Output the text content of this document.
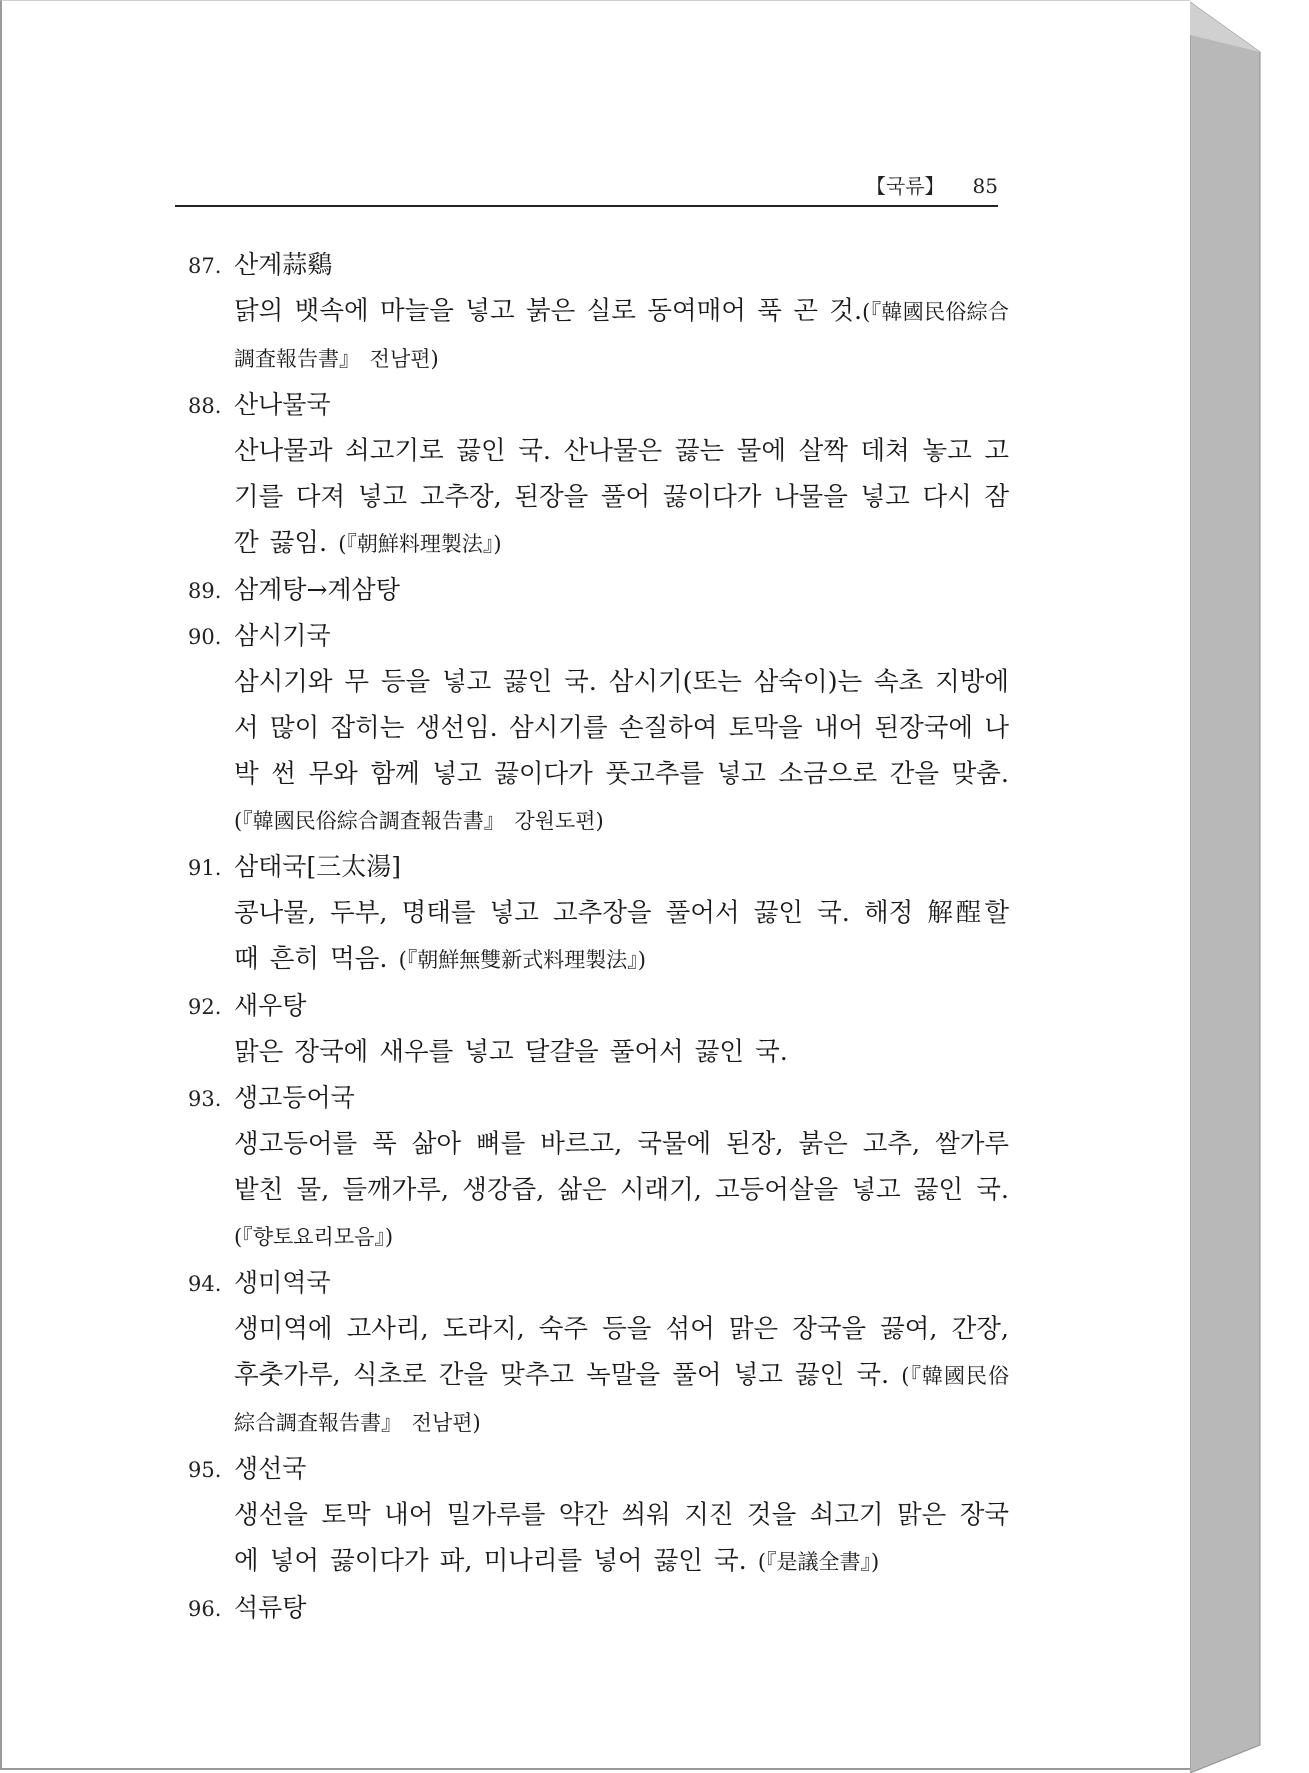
【국류】 85
87. 산계蒜鷄
닭의 뱃속에 마늘을 넣고 붉은 실로 동여매어 푹 곤 것.(『韓國民俗綜合調査報告書』 전남편)
88. 산나물국
산나물과 쇠고기로 끓인 국. 산나물은 끓는 물에 살짝 데쳐 놓고 고기를 다져 넣고 고추장, 된장을 풀어 끓이다가 나물을 넣고 다시 잠깐 끓임. (『朝鮮料理製法』)
89. 삼계탕→계삼탕
90. 삼시기국
삼시기와 무 등을 넣고 끓인 국. 삼시기(또는 삼숙이)는 속초 지방에서 많이 잡히는 생선임. 삼시기를 손질하여 토막을 내어 된장국에 나박 썬 무와 함께 넣고 끓이다가 풋고추를 넣고 소금으로 간을 맞춤. (『韓國民俗綜合調査報告書』 강원도편)
91. 삼태국[三太湯]
콩나물, 두부, 명태를 넣고 고추장을 풀어서 끓인 국. 해정 解酲할 때 흔히 먹음. (『朝鮮無雙新式料理製法』)
92. 새우탕
맑은 장국에 새우를 넣고 달걀을 풀어서 끓인 국.
93. 생고등어국
생고등어를 푹 삶아 뼈를 바르고, 국물에 된장, 붉은 고추, 쌀가루 밭친 물, 들깨가루, 생강즙, 삶은 시래기, 고등어살을 넣고 끓인 국. (『향토요리모음』)
94. 생미역국
생미역에 고사리, 도라지, 숙주 등을 섞어 맑은 장국을 끓여, 간장, 후춧가루, 식초로 간을 맞추고 녹말을 풀어 넣고 끓인 국. (『韓國民俗綜合調査報告書』 전남편)
95. 생선국
생선을 토막 내어 밀가루를 약간 씌워 지진 것을 쇠고기 맑은 장국에 넣어 끓이다가 파, 미나리를 넣어 끓인 국. (『是議全書』)
96. 석류탕
